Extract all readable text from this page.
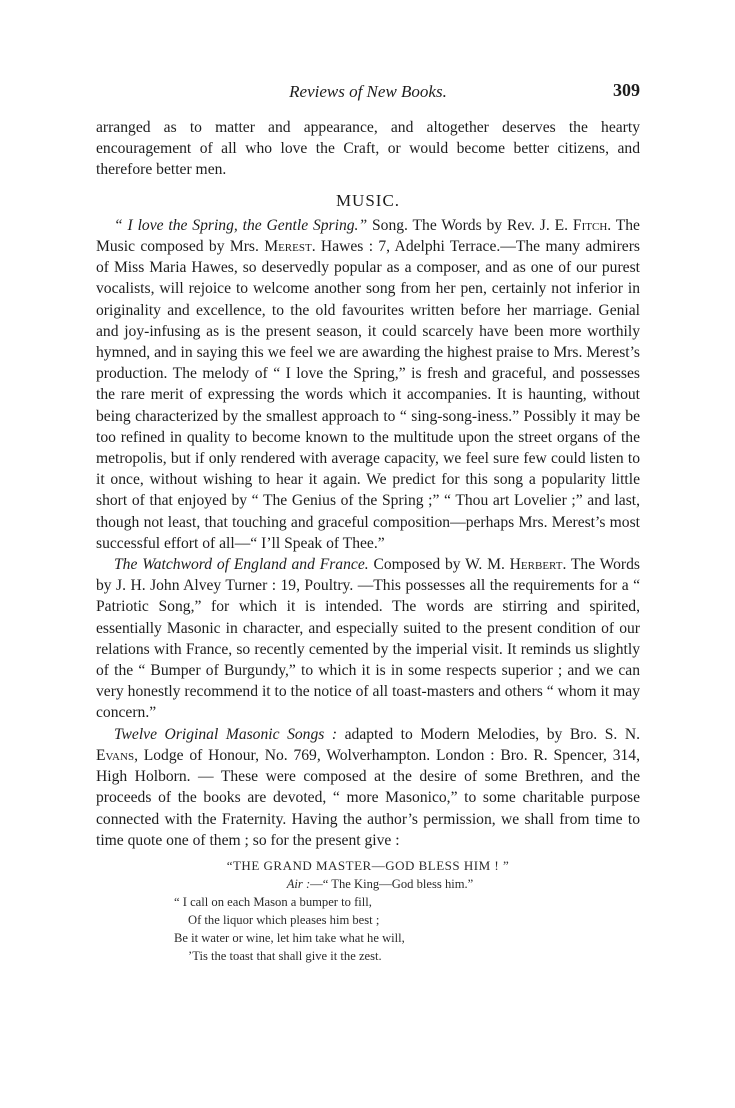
Reviews of New Books.	309

arranged as to matter and appearance, and altogether deserves the hearty encouragement of all who love the Craft, or would become better citizens, and therefore better men.

MUSIC.

“ I love the Spring, the Gentle Spring.” Song. The Words by Rev. J. E. Fitch. The Music composed by Mrs. Merest. Hawes : 7, Adelphi Terrace.—The many admirers of Miss Maria Hawes, so deservedly popular as a composer, and as one of our purest vocalists, will rejoice to welcome another song from her pen, certainly not inferior in originality and excellence, to the old favourites written before her marriage. Genial and joy-infusing as is the present season, it could scarcely have been more worthily hymned, and in saying this we feel we are awarding the highest praise to Mrs. Merest’s production. The melody of “ I love the Spring,” is fresh and graceful, and possesses the rare merit of expressing the words which it accompanies. It is haunting, without being characterized by the smallest approach to “ sing-song-iness.” Possibly it may be too refined in quality to become known to the multitude upon the street organs of the metropolis, but if only rendered with average capacity, we feel sure few could listen to it once, without wishing to hear it again. We predict for this song a popularity little short of that enjoyed by “ The Genius of the Spring ;” “ Thou art Lovelier ;” and last, though not least, that touching and graceful composition—perhaps Mrs. Merest’s most successful effort of all—“ I’ll Speak of Thee.”

The Watchword of England and France. Composed by W. M. Herbert. The Words by J. H. John Alvey Turner : 19, Poultry. —This possesses all the requirements for a “ Patriotic Song,” for which it is intended. The words are stirring and spirited, essentially Masonic in character, and especially suited to the present condition of our relations with France, so recently cemented by the imperial visit. It reminds us slightly of the “ Bumper of Burgundy,” to which it is in some respects superior ; and we can very honestly recommend it to the notice of all toast-masters and others “ whom it may concern.”

Twelve Original Masonic Songs : adapted to Modern Melodies, by Bro. S. N. Evans, Lodge of Honour, No. 769, Wolverhampton. London : Bro. R. Spencer, 314, High Holborn. — These were composed at the desire of some Brethren, and the proceeds of the books are devoted, “ more Masonico,” to some charitable purpose connected with the Fraternity. Having the author’s permission, we shall from time to time quote one of them ; so for the present give :

“THE GRAND MASTER—GOD BLESS HIM ! ”
Air :—“ The King—God bless him.”
“ I call on each Mason a bumper to fill,
Of the liquor which pleases him best ;
Be it water or wine, let him take what he will,
’Tis the toast that shall give it the zest.
